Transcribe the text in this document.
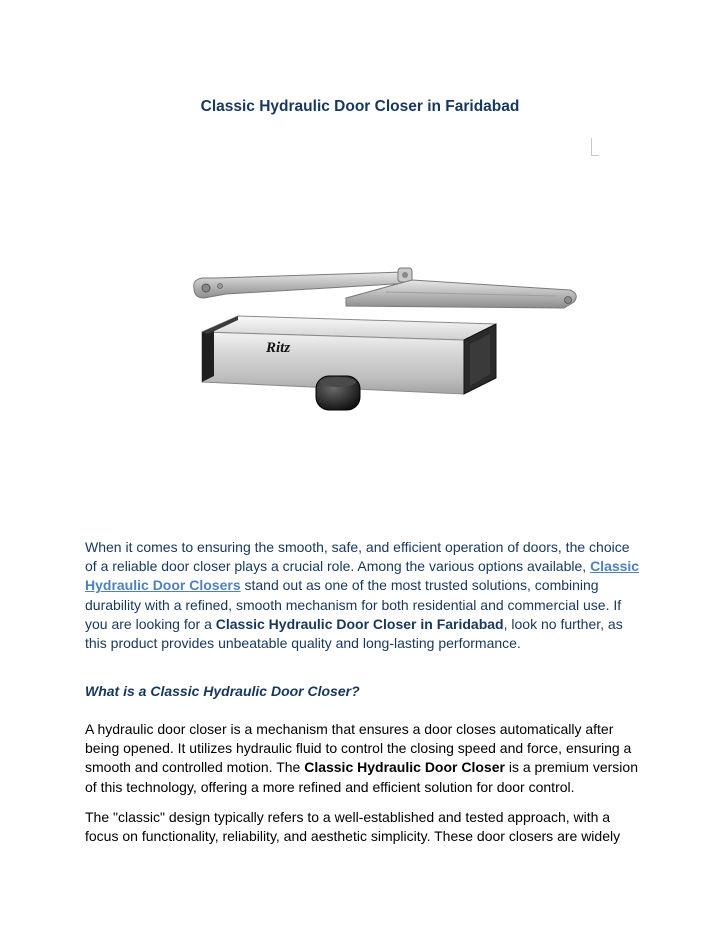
Classic Hydraulic Door Closer in Faridabad
Ritz

When it comes to ensuring the smooth, safe, and efficient operation of doors, the choice of a reliable door closer plays a crucial role. Among the various options available, Classic Hydraulic Door Closers stand out as one of the most trusted solutions, combining durability with a refined, smooth mechanism for both residential and commercial use. If you are looking for a Classic Hydraulic Door Closer in Faridabad, look no further, as this product provides unbeatable quality and long-lasting performance.

What is a Classic Hydraulic Door Closer?

A hydraulic door closer is a mechanism that ensures a door closes automatically after being opened. It utilizes hydraulic fluid to control the closing speed and force, ensuring a smooth and controlled motion. The Classic Hydraulic Door Closer is a premium version of this technology, offering a more refined and efficient solution for door control.

The "classic" design typically refers to a well-established and tested approach, with a focus on functionality, reliability, and aesthetic simplicity. These door closers are widely
